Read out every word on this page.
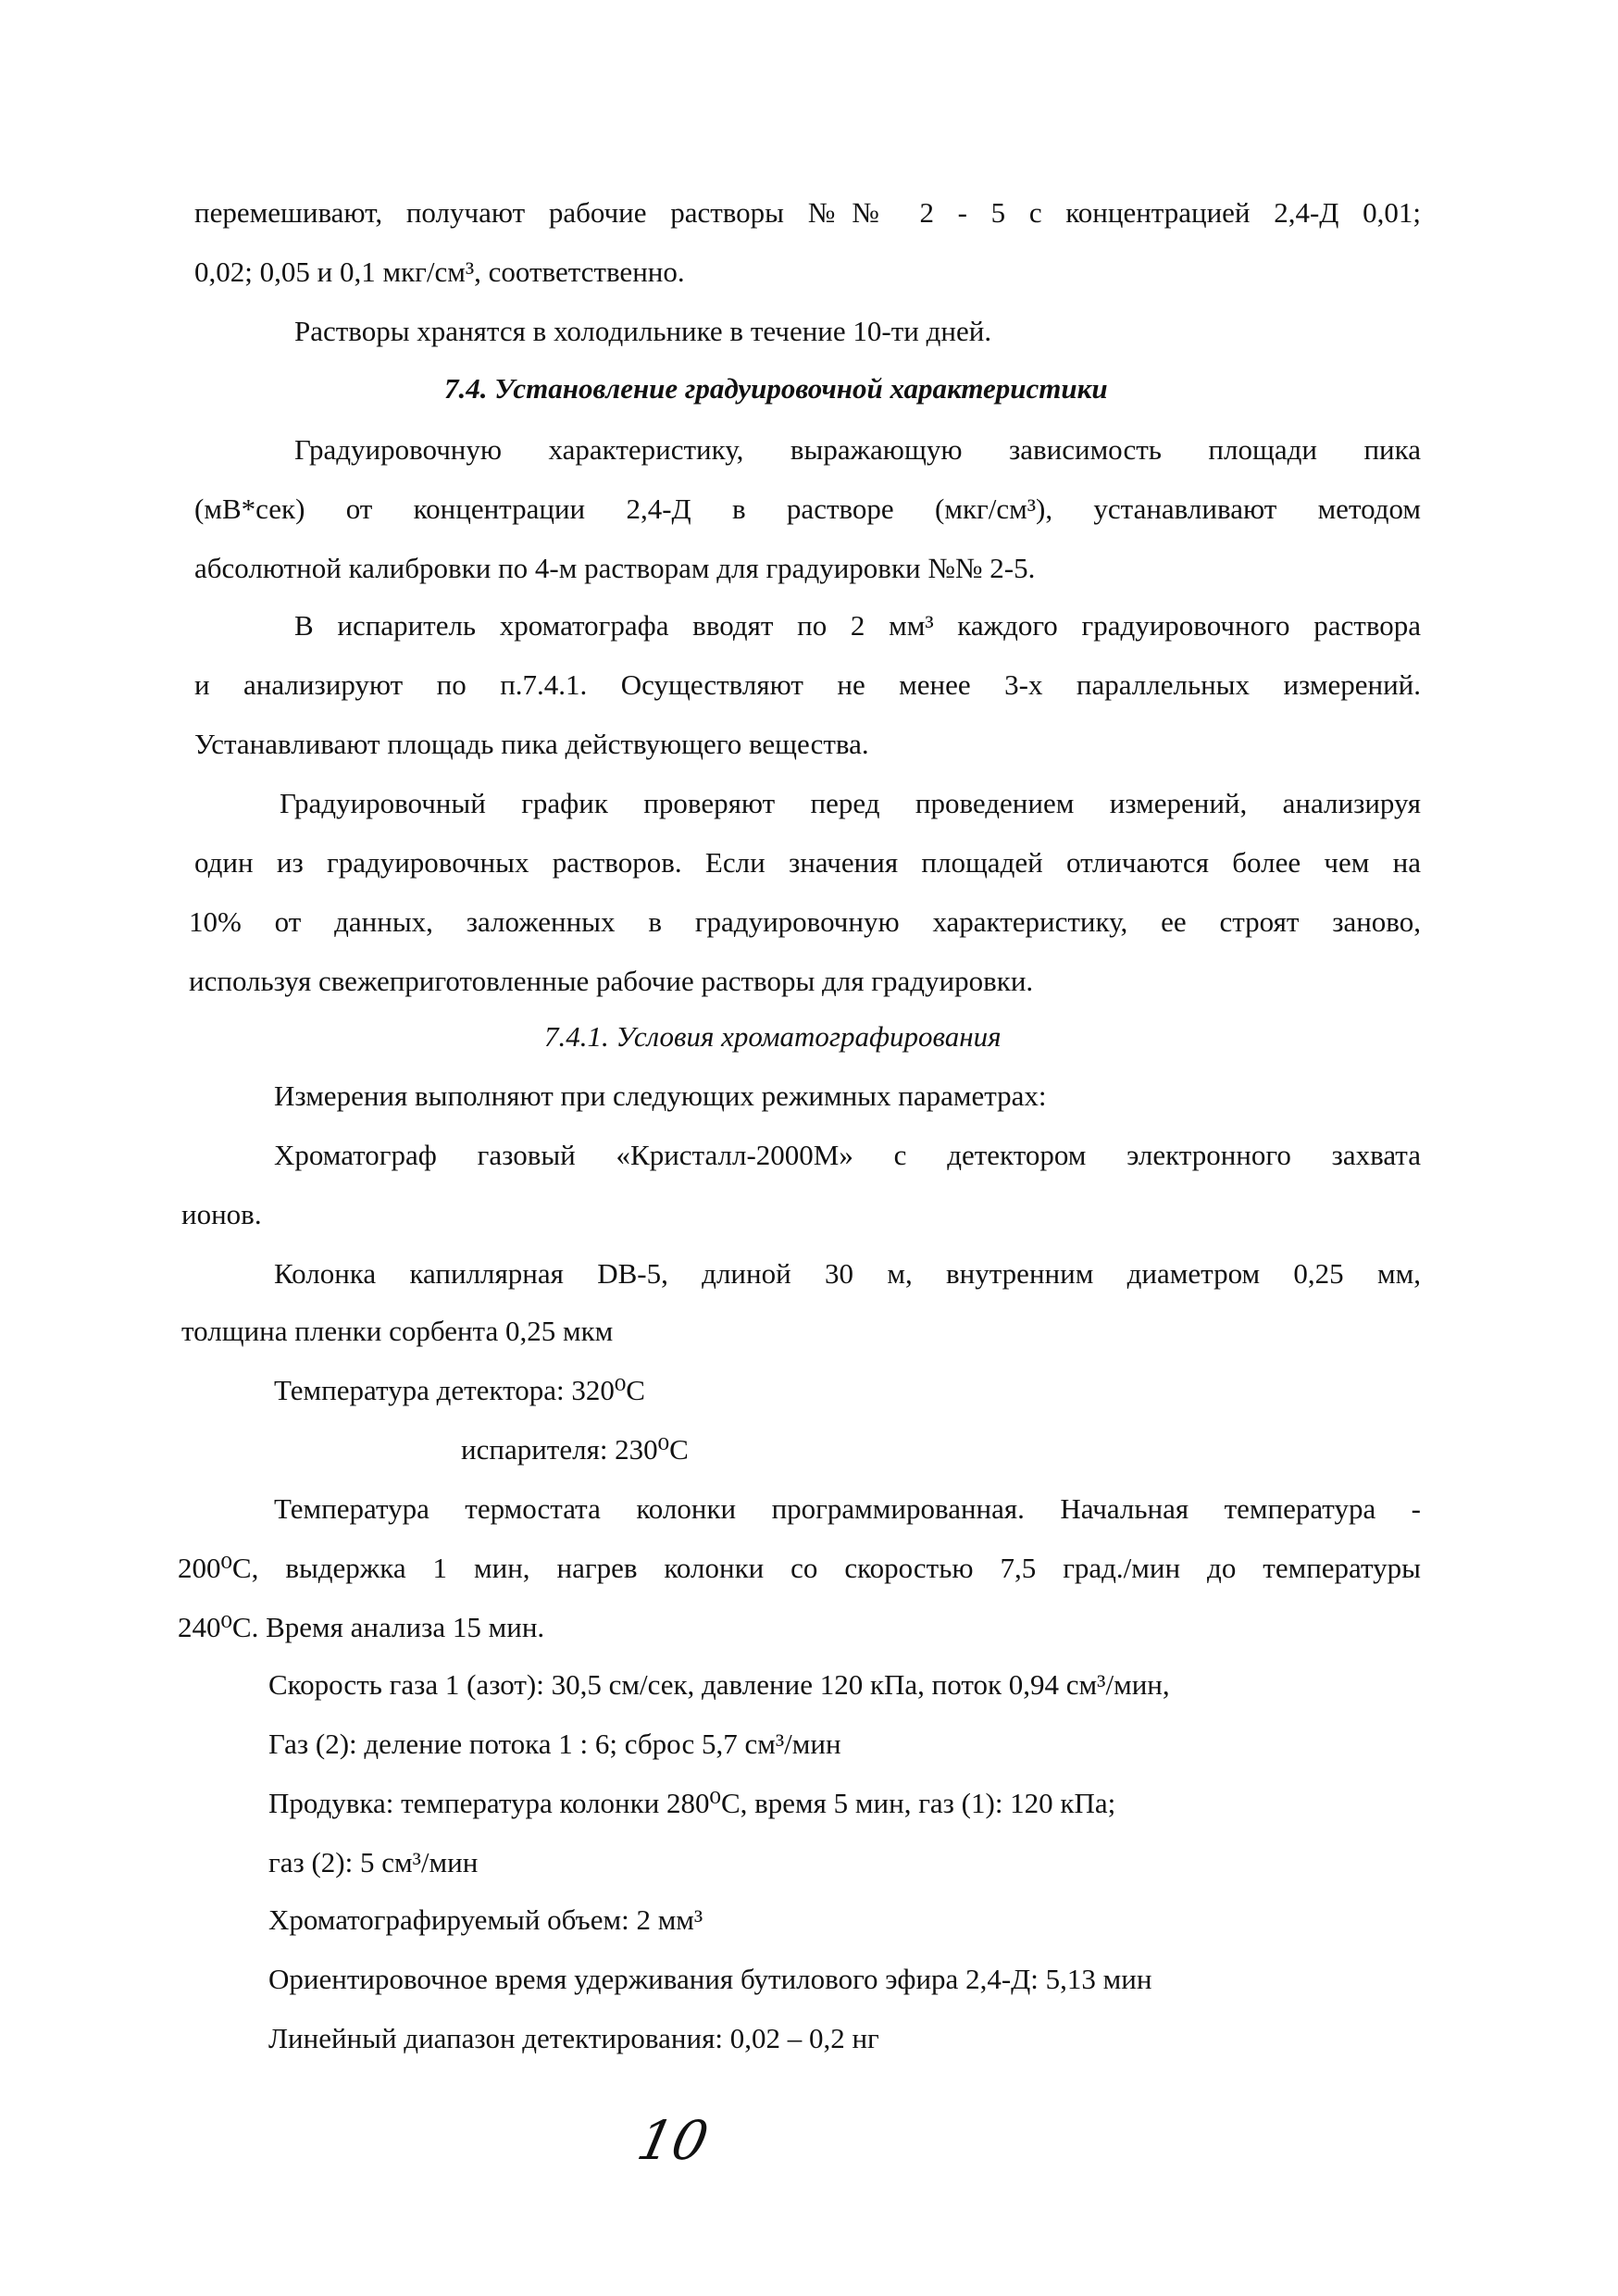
перемешивают, получают рабочие растворы №№ 2 - 5 с концентрацией 2,4-Д 0,01;
0,02; 0,05 и 0,1 мкг/см³, соответственно.
Растворы хранятся в холодильнике в течение 10-ти дней.
7.4. Установление градуировочной характеристики
Градуировочную характеристику, выражающую зависимость площади пика
(мВ*сек) от концентрации 2,4-Д в растворе (мкг/см³), устанавливают методом
абсолютной калибровки по 4-м растворам для градуировки №№ 2-5.
В испаритель хроматографа вводят по 2 мм³ каждого градуировочного раствора
и анализируют по п.7.4.1. Осуществляют не менее 3-х параллельных измерений.
Устанавливают площадь пика действующего вещества.
Градуировочный график проверяют перед проведением измерений, анализируя
один из градуировочных растворов. Если значения площадей отличаются более чем на
10% от данных, заложенных в градуировочную характеристику, ее строят заново,
используя свежеприготовленные рабочие растворы для градуировки.
7.4.1. Условия хроматографирования
Измерения выполняют при следующих режимных параметрах:
Хроматограф газовый «Кристалл-2000М» с детектором электронного захвата
ионов.
Колонка капиллярная DB-5, длиной 30 м, внутренним диаметром 0,25 мм,
толщина пленки сорбента 0,25 мкм
Температура детектора: 320⁰С
испарителя: 230⁰С
Температура термостата колонки программированная. Начальная температура -
200⁰С, выдержка 1 мин, нагрев колонки со скоростью 7,5 град./мин до температуры
240⁰С. Время анализа 15 мин.
Скорость газа 1 (азот): 30,5 см/сек, давление 120 кПа, поток 0,94 см³/мин,
Газ (2): деление потока 1 : 6; сброс 5,7 см³/мин
Продувка: температура колонки 280⁰С, время 5 мин, газ (1): 120 кПа;
газ (2): 5 см³/мин
Хроматографируемый объем: 2 мм³
Ориентировочное время удерживания бутилового эфира 2,4-Д: 5,13 мин
Линейный диапазон детектирования: 0,02 – 0,2 нг
10
